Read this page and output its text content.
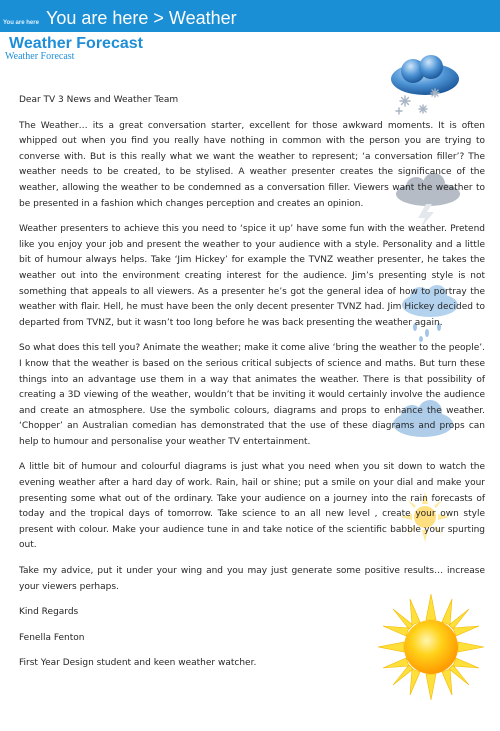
You are here You are here > Weather
Weather Forecast
Weather Forecast

Dear TV 3 News and Weather Team

The Weather… its a great conversation starter, excellent for those awkward moments. It is often whipped out when you find you really have nothing in common with the person you are trying to converse with. But is this really what we want the weather to represent; ‘a conversation filler’? The weather needs to be created, to be stylised. A weather presenter creates the significance of the weather, allowing the weather to be condemned as a conversation filler. Viewers want the weather to be presented in a fashion which changes perception and creates an opinion.

Weather presenters to achieve this you need to ‘spice it up’ have some fun with the weather. Pretend like you enjoy your job and present the weather to your audience with a style. Personality and a little bit of humour always helps. Take ‘Jim Hickey’ for example the TVNZ weather presenter, he takes the weather out into the environment creating interest for the audience. Jim’s presenting style is not something that appeals to all viewers. As a presenter he’s got the general idea of how to portray the weather with flair. Hell, he must have been the only decent presenter TVNZ had. Jim Hickey decided to departed from TVNZ, but it wasn’t too long before he was back presenting the weather again.

So what does this tell you? Animate the weather; make it come alive ‘bring the weather to the people’. I know that the weather is based on the serious critical subjects of science and maths. But turn these things into an advantage use them in a way that animates the weather. There is that possibility of creating a 3D viewing of the weather, wouldn’t that be inviting it would certainly involve the audience and create an atmosphere. Use the symbolic colours, diagrams and props to enhance the weather. ‘Chopper’ an Australian comedian has demonstrated that the use of these diagrams and props can help to humour and personalise your weather TV entertainment.

A little bit of humour and colourful diagrams is just what you need when you sit down to watch the evening weather after a hard day of work. Rain, hail or shine; put a smile on your dial and make your presenting some what out of the ordinary. Take your audience on a journey into the rain forecasts of today and the tropical days of tomorrow. Take science to an all new level , create your own style present with colour. Make your audience tune in and take notice of the scientific babble your spurting out.

Take my advice, put it under your wing and you may just generate some positive results… increase your viewers perhaps.

Kind Regards

Fenella Fenton

First Year Design student and keen weather watcher.
